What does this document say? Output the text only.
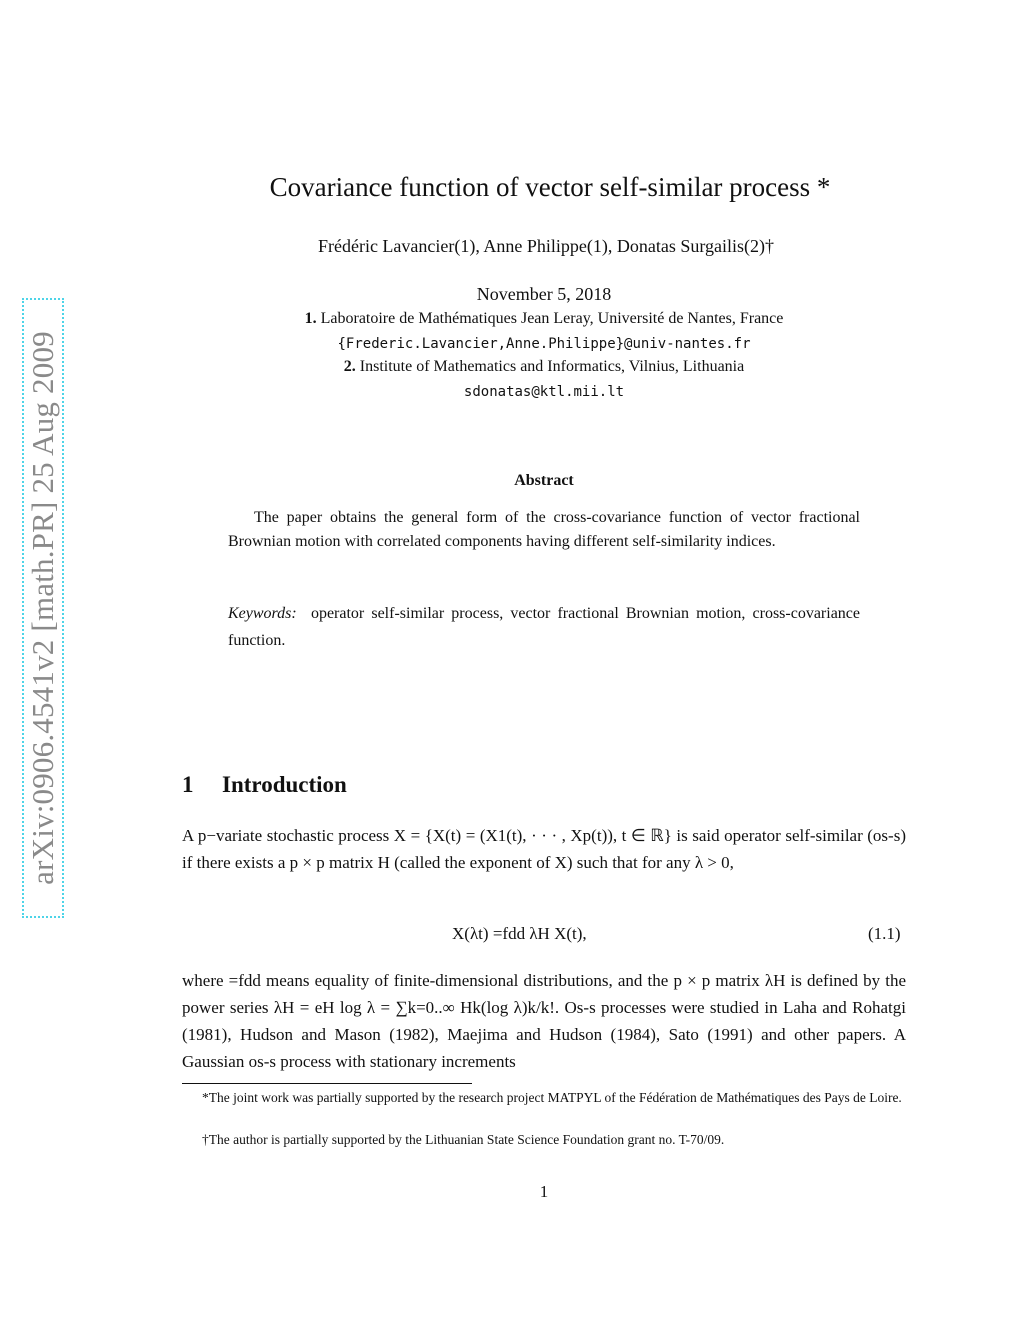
arXiv:0906.4541v2 [math.PR] 25 Aug 2009
Covariance function of vector self-similar process *
Frédéric Lavancier(1), Anne Philippe(1), Donatas Surgailis(2)†
November 5, 2018
1. Laboratoire de Mathématiques Jean Leray, Université de Nantes, France
{Frederic.Lavancier,Anne.Philippe}@univ-nantes.fr
2. Institute of Mathematics and Informatics, Vilnius, Lithuania
sdonatas@ktl.mii.lt
Abstract
The paper obtains the general form of the cross-covariance function of vector fractional Brownian motion with correlated components having different self-similarity indices.
Keywords: operator self-similar process, vector fractional Brownian motion, cross-covariance function.
1 Introduction
A p−variate stochastic process X = {X(t) = (X1(t), · · · , Xp(t)), t ∈ ℝ} is said operator self-similar (os-s) if there exists a p × p matrix H (called the exponent of X) such that for any λ > 0,
X(λt) =fdd λH X(t),	(1.1)
where =fdd means equality of finite-dimensional distributions, and the p × p matrix λH is defined by the power series λH = eH log λ = ∑k=0..∞ Hk(log λ)k/k!. Os-s processes were studied in Laha and Rohatgi (1981), Hudson and Mason (1982), Maejima and Hudson (1984), Sato (1991) and other papers. A Gaussian os-s process with stationary increments
*The joint work was partially supported by the research project MATPYL of the Fédération de Mathématiques des Pays de Loire.
†The author is partially supported by the Lithuanian State Science Foundation grant no. T-70/09.
1
